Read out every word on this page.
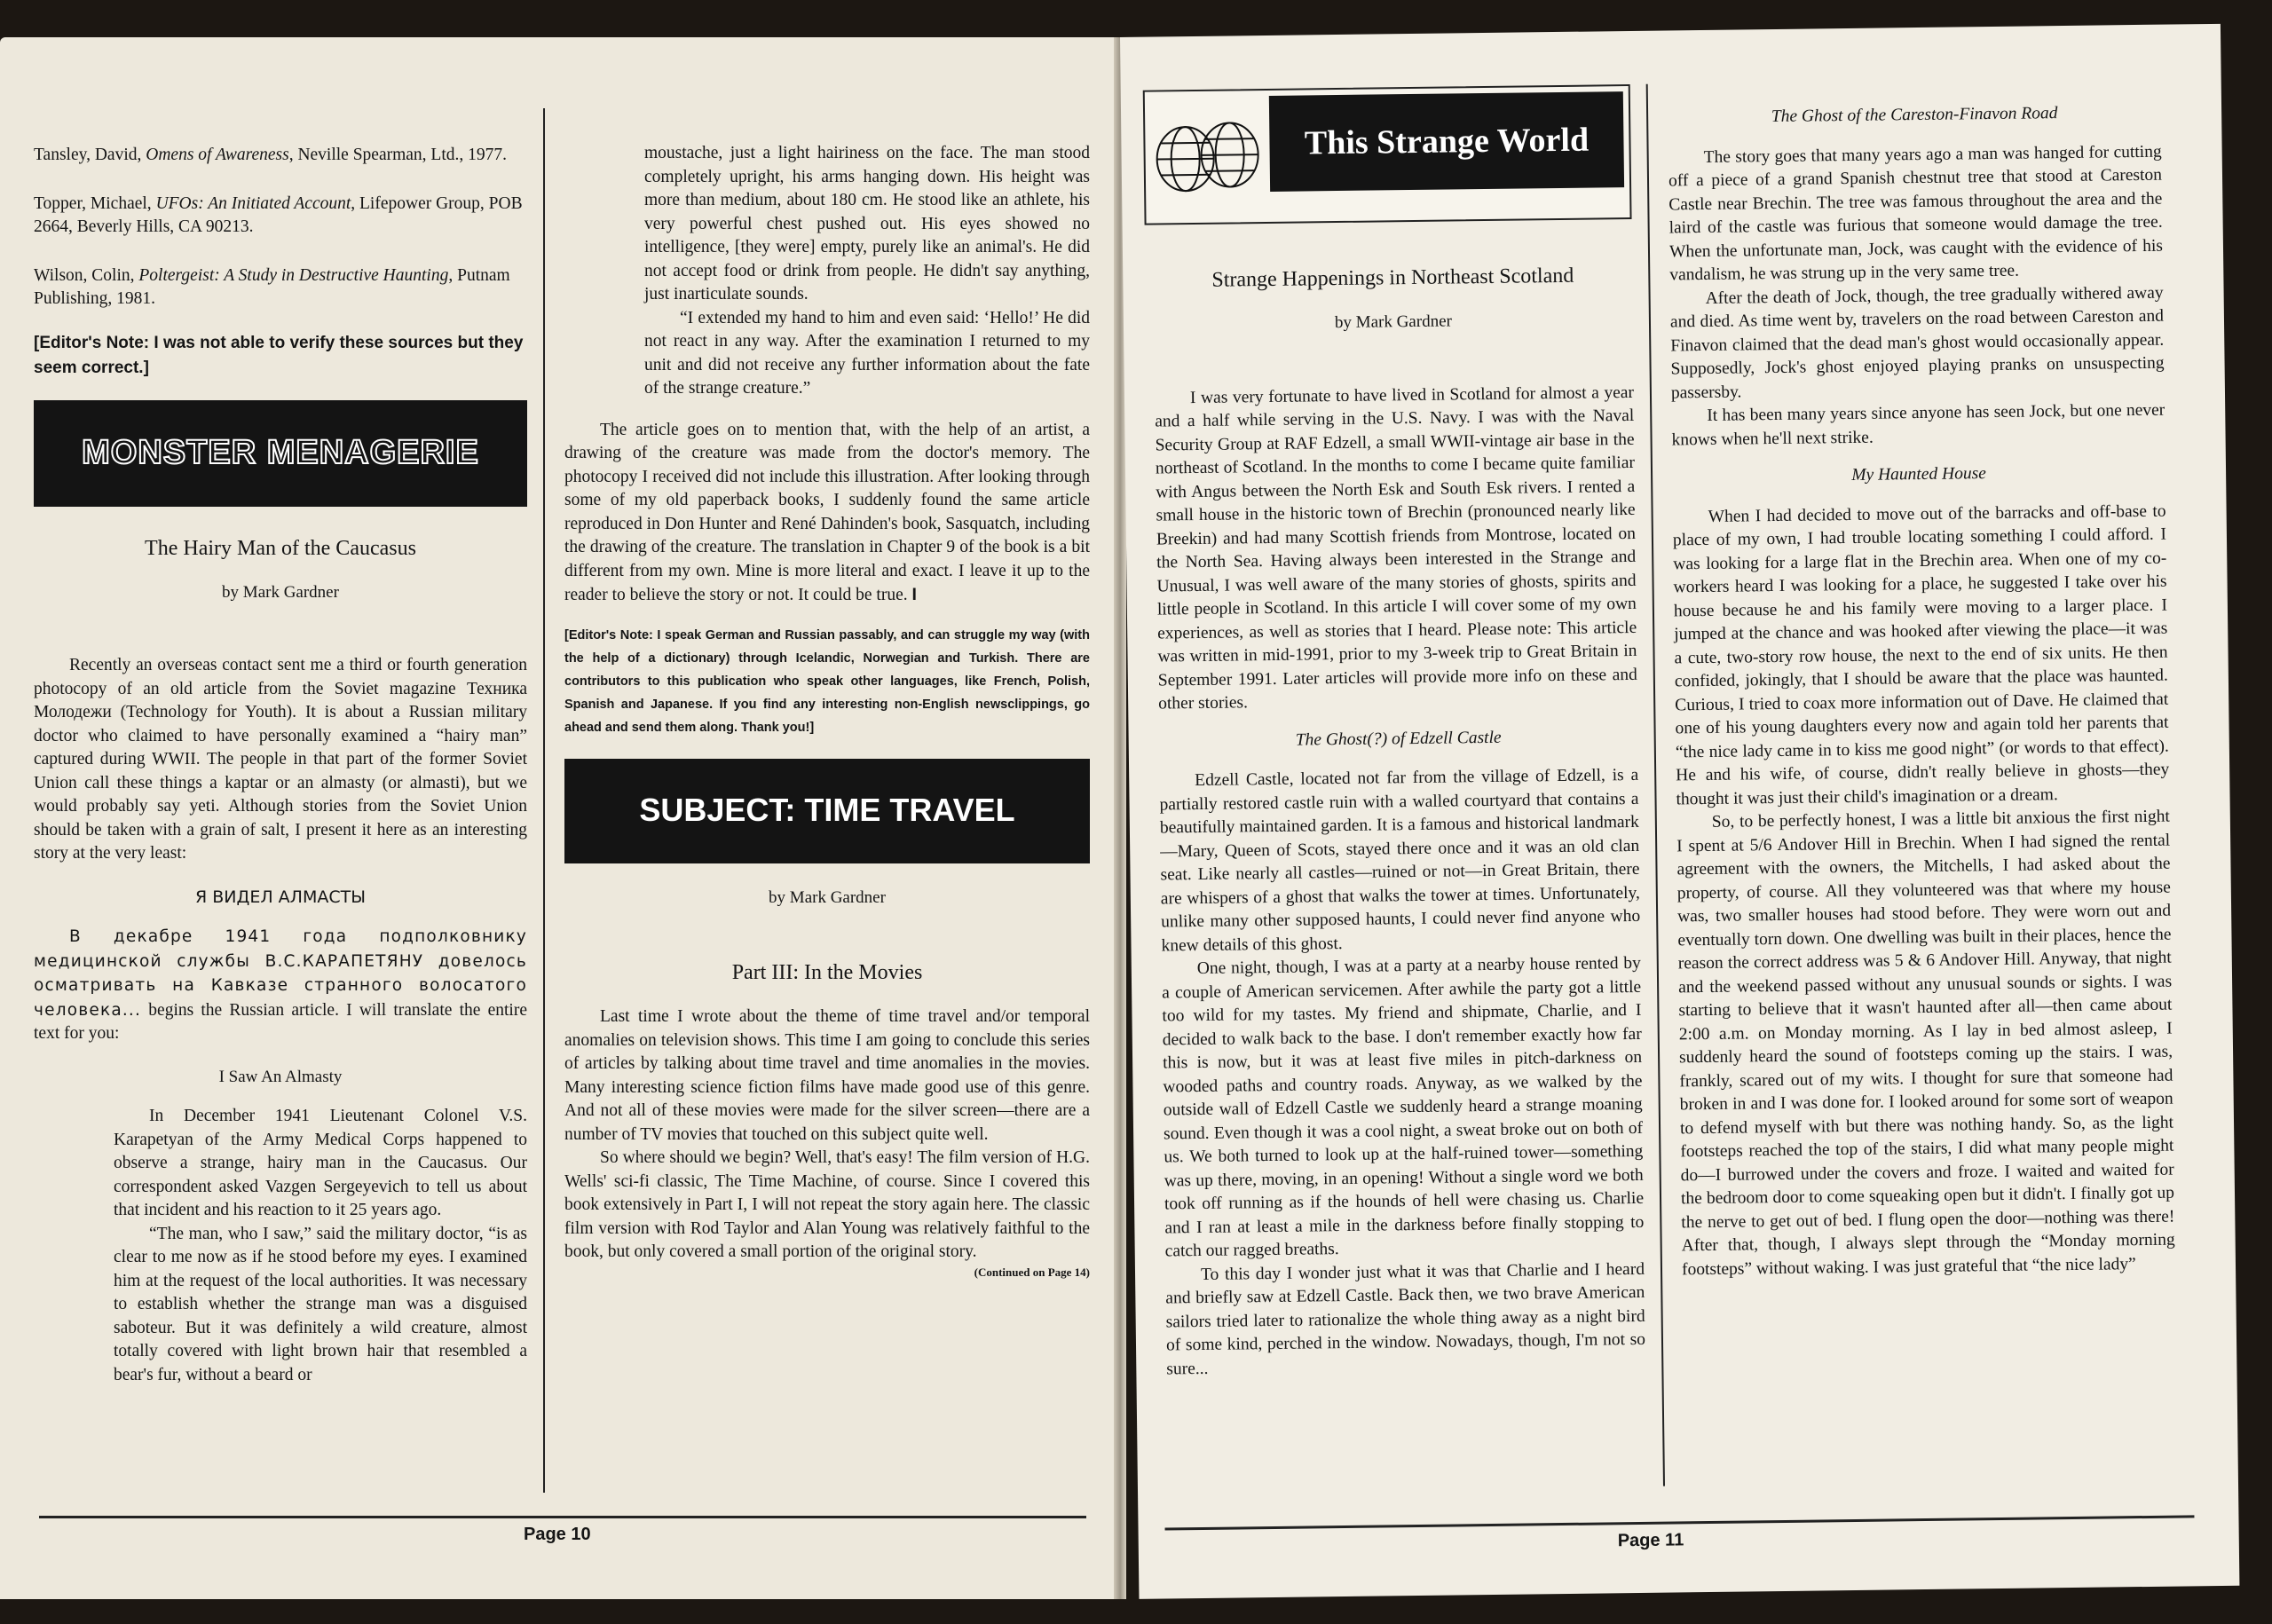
Tansley, David, Omens of Awareness, Neville Spearman, Ltd., 1977.

Topper, Michael, UFOs: An Initiated Account, Lifepower Group, POB 2664, Beverly Hills, CA 90213.

Wilson, Colin, Poltergeist: A Study in Destructive Haunting, Putnam Publishing, 1981.

[Editor's Note: I was not able to verify these sources but they seem correct.]

MONSTER MENAGERIE

The Hairy Man of the Caucasus

by Mark Gardner

Recently an overseas contact sent me a third or fourth generation photocopy of an old article from the Soviet magazine Техника Молодежи (Technology for Youth). It is about a Russian military doctor who claimed to have personally examined a “hairy man” captured during WWII. The people in that part of the former Soviet Union call these things a kaptar or an almasty (or almasti), but we would probably say yeti. Although stories from the Soviet Union should be taken with a grain of salt, I present it here as an interesting story at the very least:

Я ВИДЕЛ АЛМАСТЫ

В декабре 1941 года подполковнику медицинской службы В.С.КАРАПЕТЯНУ довелось осматривать на Кавказе странного волосатого человека... begins the Russian article. I will translate the entire text for you:

I Saw An Almasty

In December 1941 Lieutenant Colonel V.S. Karapetyan of the Army Medical Corps happened to observe a strange, hairy man in the Caucasus. Our correspondent asked Vazgen Sergeyevich to tell us about that incident and his reaction to it 25 years ago.

“The man, who I saw,” said the military doctor, “is as clear to me now as if he stood before my eyes. I examined him at the request of the local authorities. It was necessary to establish whether the strange man was a disguised saboteur. But it was definitely a wild creature, almost totally covered with light brown hair that resembled a bear's fur, without a beard or

moustache, just a light hairiness on the face. The man stood completely upright, his arms hanging down. His height was more than medium, about 180 cm. He stood like an athlete, his very powerful chest pushed out. His eyes showed no intelligence, [they were] empty, purely like an animal's. He did not accept food or drink from people. He didn't say anything, just inarticulate sounds.

“I extended my hand to him and even said: ‘Hello!’ He did not react in any way. After the examination I returned to my unit and did not receive any further information about the fate of the strange creature.”

The article goes on to mention that, with the help of an artist, a drawing of the creature was made from the doctor's memory. The photocopy I received did not include this illustration. After looking through some of my old paperback books, I suddenly found the same article reproduced in Don Hunter and René Dahinden's book, Sasquatch, including the drawing of the creature. The translation in Chapter 9 of the book is a bit different from my own. Mine is more literal and exact. I leave it up to the reader to believe the story or not. It could be true. I

[Editor's Note: I speak German and Russian passably, and can struggle my way (with the help of a dictionary) through Icelandic, Norwegian and Turkish. There are contributors to this publication who speak other languages, like French, Polish, Spanish and Japanese. If you find any interesting non-English newsclippings, go ahead and send them along. Thank you!]

SUBJECT: TIME TRAVEL

by Mark Gardner

Part III: In the Movies

Last time I wrote about the theme of time travel and/or temporal anomalies on television shows. This time I am going to conclude this series of articles by talking about time travel and time anomalies in the movies. Many interesting science fiction films have made good use of this genre. And not all of these movies were made for the silver screen—there are a number of TV movies that touched on this subject quite well.

So where should we begin? Well, that's easy! The film version of H.G. Wells' sci-fi classic, The Time Machine, of course. Since I covered this book extensively in Part I, I will not repeat the story again here. The classic film version with Rod Taylor and Alan Young was relatively faithful to the book, but only covered a small portion of the original story.

(Continued on Page 14)

Page 10
This Strange World

Strange Happenings in Northeast Scotland

by Mark Gardner

I was very fortunate to have lived in Scotland for almost a year and a half while serving in the U.S. Navy. I was with the Naval Security Group at RAF Edzell, a small WWII-vintage air base in the northeast of Scotland. In the months to come I became quite familiar with Angus between the North Esk and South Esk rivers. I rented a small house in the historic town of Brechin (pronounced nearly like Breekin) and had many Scottish friends from Montrose, located on the North Sea. Having always been interested in the Strange and Unusual, I was well aware of the many stories of ghosts, spirits and little people in Scotland. In this article I will cover some of my own experiences, as well as stories that I heard. Please note: This article was written in mid-1991, prior to my 3-week trip to Great Britain in September 1991. Later articles will provide more info on these and other stories.

The Ghost(?) of Edzell Castle

Edzell Castle, located not far from the village of Edzell, is a partially restored castle ruin with a walled courtyard that contains a beautifully maintained garden. It is a famous and historical landmark—Mary, Queen of Scots, stayed there once and it was an old clan seat. Like nearly all castles—ruined or not—in Great Britain, there are whispers of a ghost that walks the tower at times. Unfortunately, unlike many other supposed haunts, I could never find anyone who knew details of this ghost.

One night, though, I was at a party at a nearby house rented by a couple of American servicemen. After awhile the party got a little too wild for my tastes. My friend and shipmate, Charlie, and I decided to walk back to the base. I don't remember exactly how far this is now, but it was at least five miles in pitch-darkness on wooded paths and country roads. Anyway, as we walked by the outside wall of Edzell Castle we suddenly heard a strange moaning sound. Even though it was a cool night, a sweat broke out on both of us. We both turned to look up at the half-ruined tower—something was up there, moving, in an opening! Without a single word we both took off running as if the hounds of hell were chasing us. Charlie and I ran at least a mile in the darkness before finally stopping to catch our ragged breaths.

To this day I wonder just what it was that Charlie and I heard and briefly saw at Edzell Castle. Back then, we two brave American sailors tried later to rationalize the whole thing away as a night bird of some kind, perched in the window. Nowadays, though, I'm not so sure...

The Ghost of the Careston-Finavon Road

The story goes that many years ago a man was hanged for cutting off a piece of a grand Spanish chestnut tree that stood at Careston Castle near Brechin. The tree was famous throughout the area and the laird of the castle was furious that someone would damage the tree. When the unfortunate man, Jock, was caught with the evidence of his vandalism, he was strung up in the very same tree.

After the death of Jock, though, the tree gradually withered away and died. As time went by, travelers on the road between Careston and Finavon claimed that the dead man's ghost would occasionally appear. Supposedly, Jock's ghost enjoyed playing pranks on unsuspecting passersby.

It has been many years since anyone has seen Jock, but one never knows when he'll next strike.

My Haunted House

When I had decided to move out of the barracks and off-base to place of my own, I had trouble locating something I could afford. I was looking for a large flat in the Brechin area. When one of my co-workers heard I was looking for a place, he suggested I take over his house because he and his family were moving to a larger place. I jumped at the chance and was hooked after viewing the place—it was a cute, two-story row house, the next to the end of six units. He then confided, jokingly, that I should be aware that the place was haunted. Curious, I tried to coax more information out of Dave. He claimed that one of his young daughters every now and again told her parents that “the nice lady came in to kiss me good night” (or words to that effect). He and his wife, of course, didn't really believe in ghosts—they thought it was just their child's imagination or a dream.

So, to be perfectly honest, I was a little bit anxious the first night I spent at 5/6 Andover Hill in Brechin. When I had signed the rental agreement with the owners, the Mitchells, I had asked about the property, of course. All they volunteered was that where my house was, two smaller houses had stood before. They were worn out and eventually torn down. One dwelling was built in their places, hence the reason the correct address was 5 & 6 Andover Hill. Anyway, that night and the weekend passed without any unusual sounds or sights. I was starting to believe that it wasn't haunted after all—then came about 2:00 a.m. on Monday morning. As I lay in bed almost asleep, I suddenly heard the sound of footsteps coming up the stairs. I was, frankly, scared out of my wits. I thought for sure that someone had broken in and I was done for. I looked around for some sort of weapon to defend myself with but there was nothing handy. So, as the light footsteps reached the top of the stairs, I did what many people might do—I burrowed under the covers and froze. I waited and waited for the bedroom door to come squeaking open but it didn't. I finally got up the nerve to get out of bed. I flung open the door—nothing was there! After that, though, I always slept through the “Monday morning footsteps” without waking. I was just grateful that “the nice lady”

Page 11
